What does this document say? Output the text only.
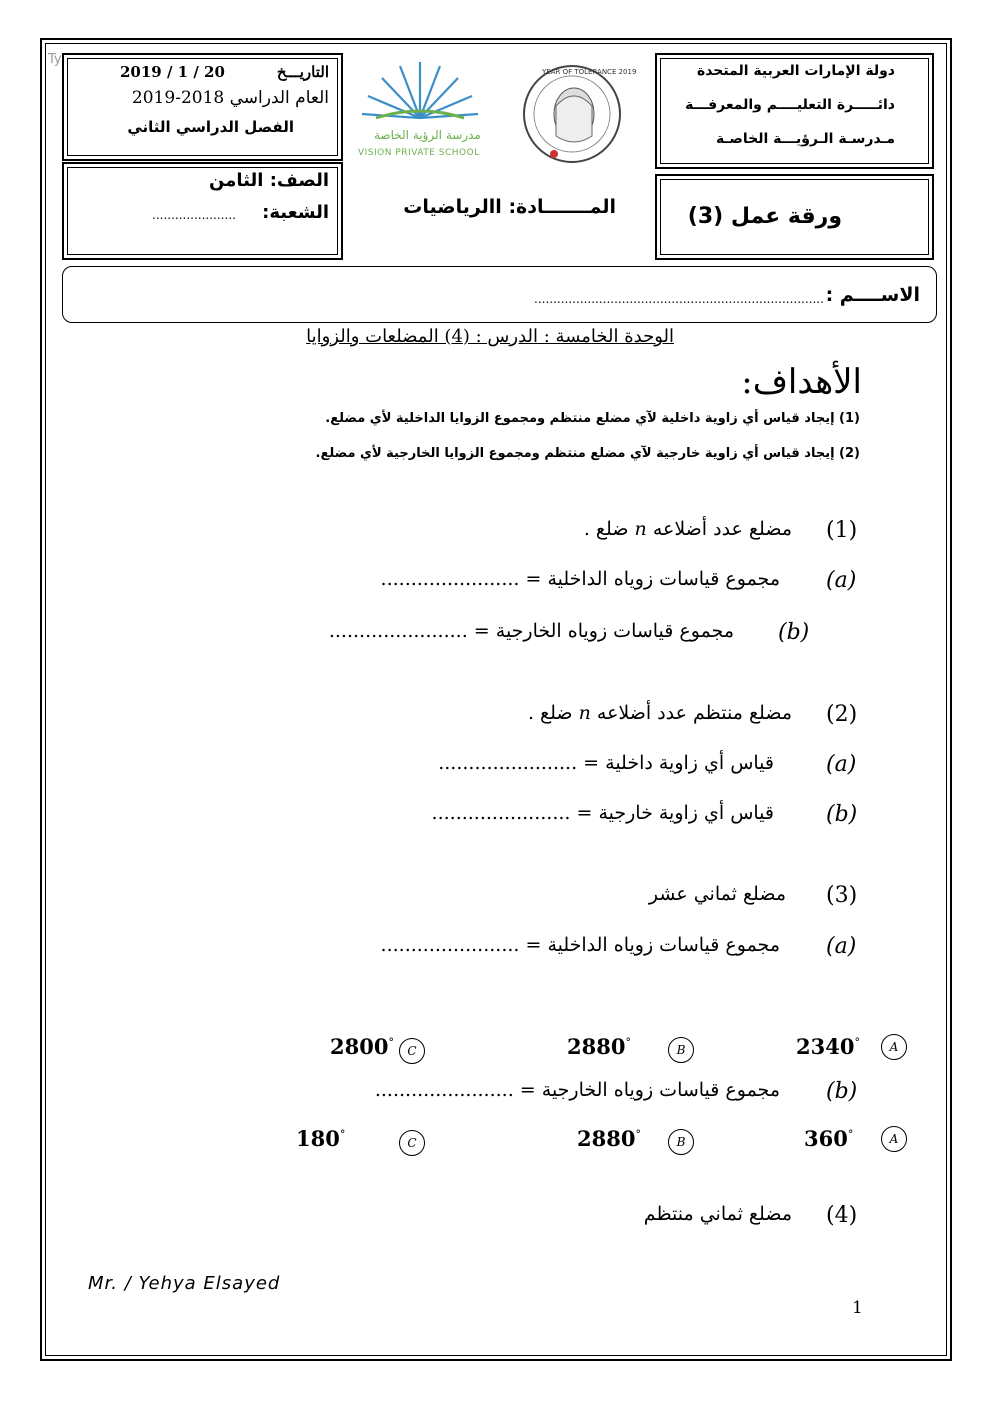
Ty
دولة الإمارات العربية المتحدة
دائـــــرة التعليــــم والمعرفـــة
مـدرسـة الـرؤيـــة الخاصـة
ورقة عمل (3)
YEAR OF TOLERANCE 2019
مدرسة الرؤية الخاصة
VISION PRIVATE SCHOOL
المـــــــادة: االرياضيات
التاريـــخ
2019 / 1 / 20
العام الدراسي 2018-2019
الفصل الدراسي الثاني
الصف: الثامن
الشعبة:
......................
الاســــم :
............................................................................
الوحدة الخامسة : الدرس : (4) المضلعات والزوايا
الأهداف:
(1) إيجاد قياس أي زاوية داخلية لآي مضلع منتظم ومجموع الزوايا الداخلية لأي مضلع.
(2) إيجاد قياس أي زاوية خارجية لآي مضلع منتظم ومجموع الزوايا الخارجية لأي مضلع.
(1)
مضلع عدد أضلاعه n ضلع .
(a)
مجموع قياسات زوياه الداخلية = .......................
(b)
مجموع قياسات زوياه الخارجية = .......................
(2)
مضلع منتظم عدد أضلاعه n ضلع .
(a)
قياس أي زاوية داخلية = .......................
(b)
قياس أي زاوية خارجية = .......................
(3)
مضلع ثماني عشر
(a)
مجموع قياسات زوياه الداخلية = .......................
2340°	A
2880°
B
2800°
C
(b)
مجموع قياسات زوياه الخارجية = .......................
360°	A
2880°
B
180°
C
(4)
مضلع ثماني منتظم
Mr. / Yehya Elsayed
1
